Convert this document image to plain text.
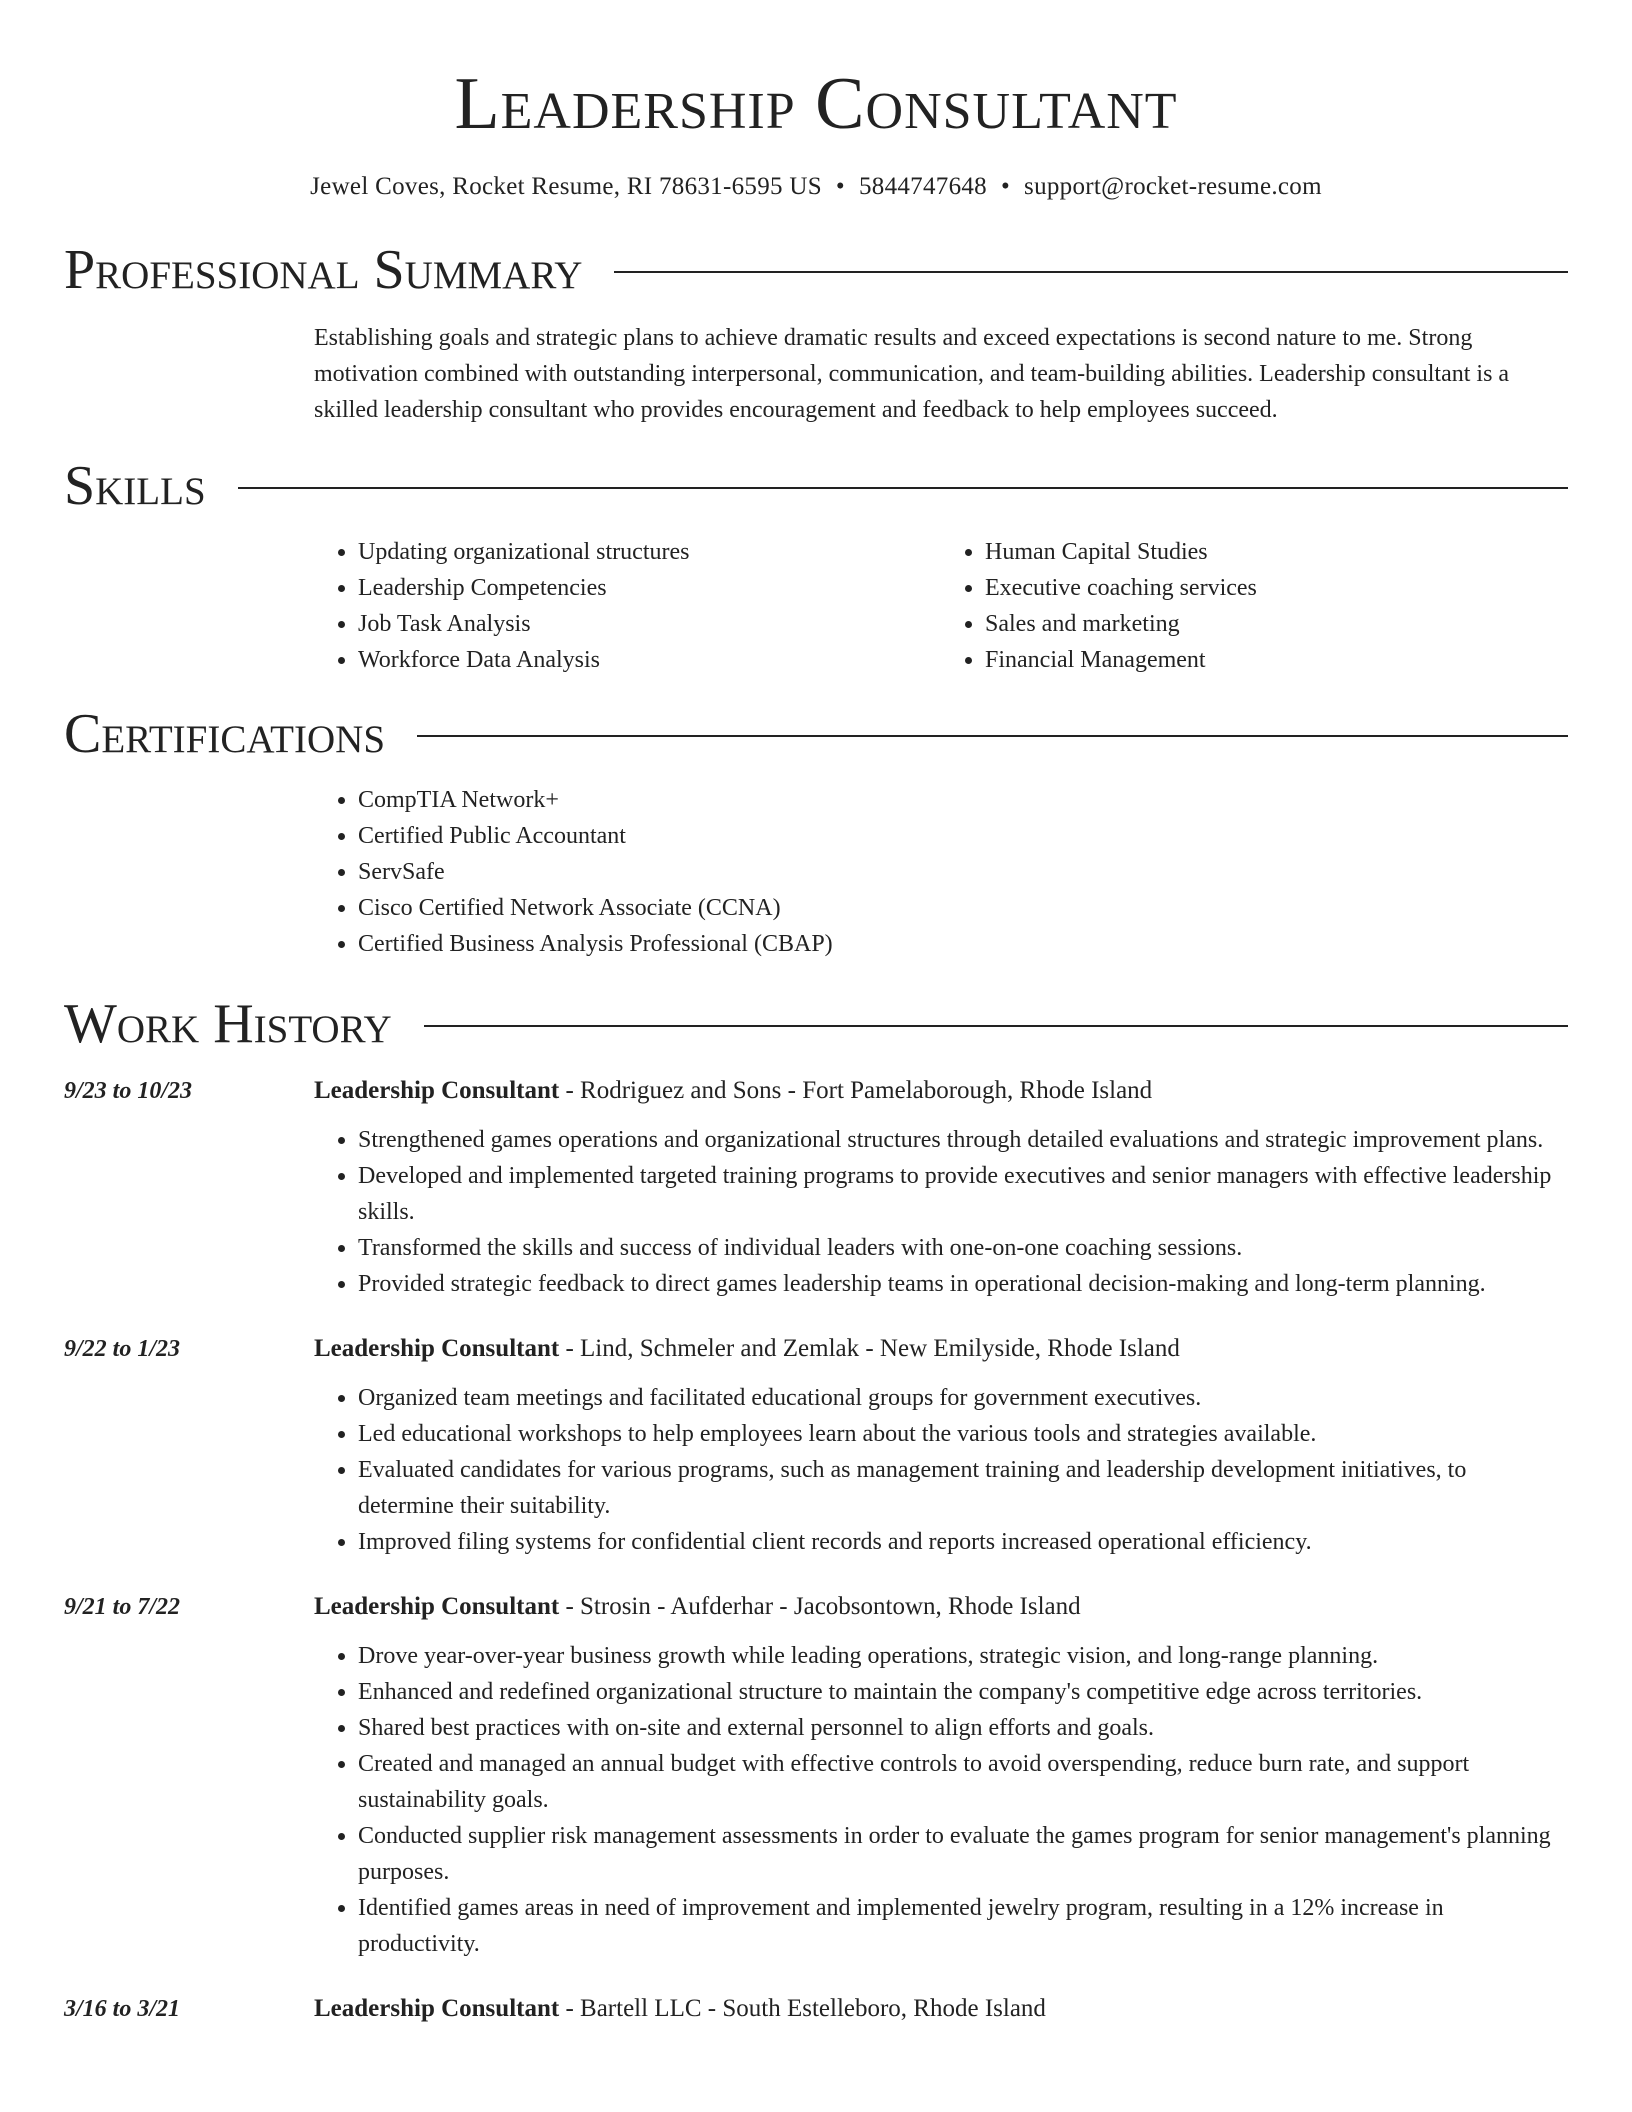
Leadership Consultant
Jewel Coves, Rocket Resume, RI 78631-6595 US • 5844747648 • support@rocket-resume.com
Professional Summary

Establishing goals and strategic plans to achieve dramatic results and exceed expectations is second nature to me. Strong motivation combined with outstanding interpersonal, communication, and team-building abilities. Leadership consultant is a skilled leadership consultant who provides encouragement and feedback to help employees succeed.

Skills
• Updating organizational structures
• Leadership Competencies
• Job Task Analysis
• Workforce Data Analysis
• Human Capital Studies
• Executive coaching services
• Sales and marketing
• Financial Management
Certifications
• CompTIA Network+
• Certified Public Accountant
• ServSafe
• Cisco Certified Network Associate (CCNA)
• Certified Business Analysis Professional (CBAP)
Work History
9/23 to 10/23	Leadership Consultant - Rodriguez and Sons - Fort Pamelaborough, Rhode Island
• Strengthened games operations and organizational structures through detailed evaluations and strategic improvement plans.
• Developed and implemented targeted training programs to provide executives and senior managers with effective leadership skills.
• Transformed the skills and success of individual leaders with one-on-one coaching sessions.
• Provided strategic feedback to direct games leadership teams in operational decision-making and long-term planning.
9/22 to 1/23	Leadership Consultant - Lind, Schmeler and Zemlak - New Emilyside, Rhode Island
• Organized team meetings and facilitated educational groups for government executives.
• Led educational workshops to help employees learn about the various tools and strategies available.
• Evaluated candidates for various programs, such as management training and leadership development initiatives, to determine their suitability.
• Improved filing systems for confidential client records and reports increased operational efficiency.
9/21 to 7/22	Leadership Consultant - Strosin - Aufderhar - Jacobsontown, Rhode Island
• Drove year-over-year business growth while leading operations, strategic vision, and long-range planning.
• Enhanced and redefined organizational structure to maintain the company's competitive edge across territories.
• Shared best practices with on-site and external personnel to align efforts and goals.
• Created and managed an annual budget with effective controls to avoid overspending, reduce burn rate, and support sustainability goals.
• Conducted supplier risk management assessments in order to evaluate the games program for senior management's planning purposes.
• Identified games areas in need of improvement and implemented jewelry program, resulting in a 12% increase in productivity.
3/16 to 3/21	Leadership Consultant - Bartell LLC - South Estelleboro, Rhode Island
